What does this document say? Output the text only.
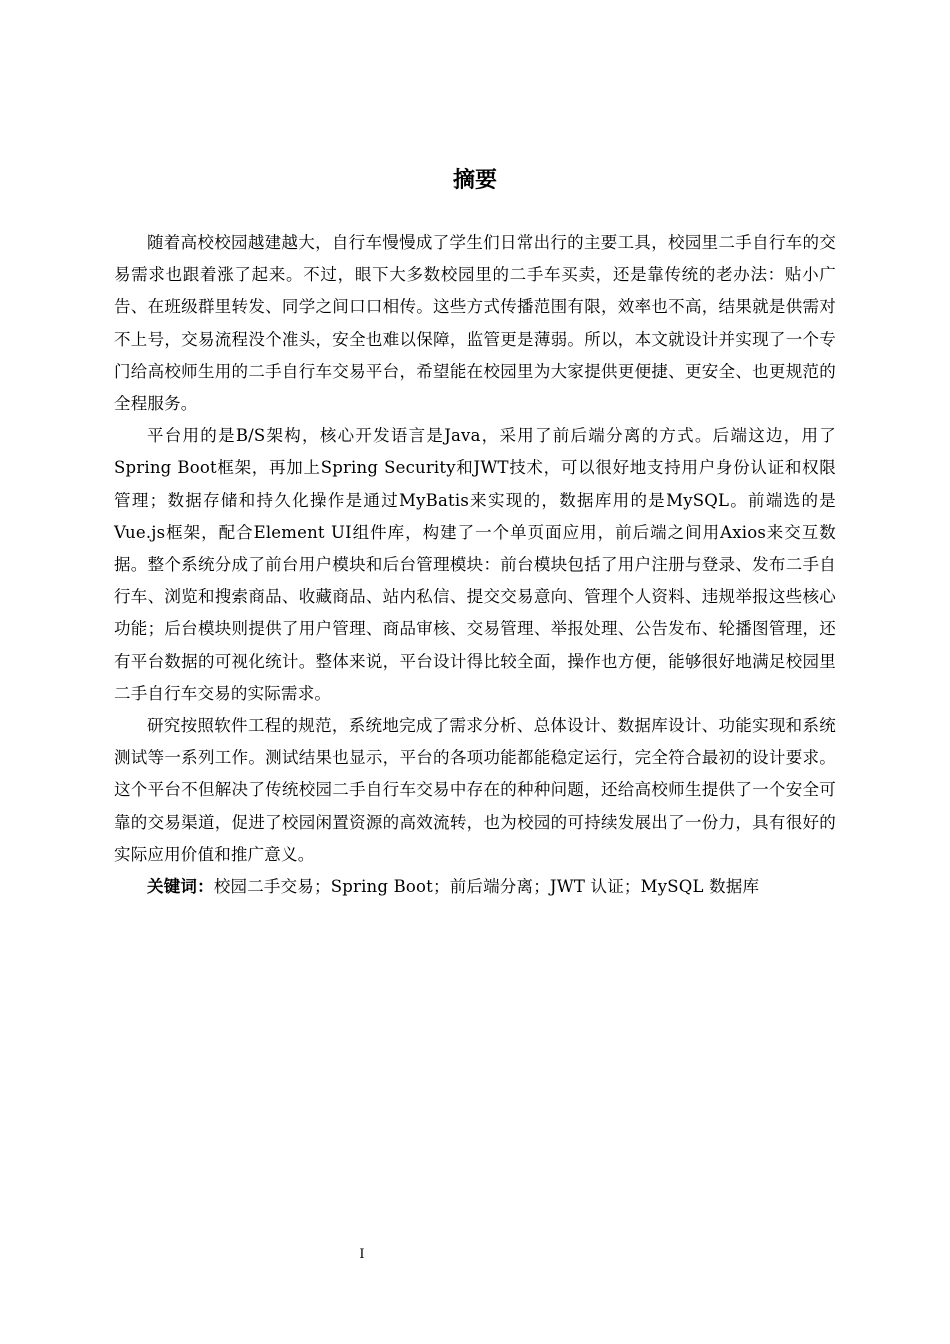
摘要

随着高校校园越建越大，自行车慢慢成了学生们日常出行的主要工具，校园里二手自行车的交易需求也跟着涨了起来。不过，眼下大多数校园里的二手车买卖，还是靠传统的老办法：贴小广告、在班级群里转发、同学之间口口相传。这些方式传播范围有限，效率也不高，结果就是供需对不上号，交易流程没个准头，安全也难以保障，监管更是薄弱。所以，本文就设计并实现了一个专门给高校师生用的二手自行车交易平台，希望能在校园里为大家提供更便捷、更安全、也更规范的全程服务。

平台用的是B/S架构，核心开发语言是Java，采用了前后端分离的方式。后端这边，用了Spring Boot框架，再加上Spring Security和JWT技术，可以很好地支持用户身份认证和权限管理；数据存储和持久化操作是通过MyBatis来实现的，数据库用的是MySQL。前端选的是Vue.js框架，配合Element UI组件库，构建了一个单页面应用，前后端之间用Axios来交互数据。整个系统分成了前台用户模块和后台管理模块：前台模块包括了用户注册与登录、发布二手自行车、浏览和搜索商品、收藏商品、站内私信、提交交易意向、管理个人资料、违规举报这些核心功能；后台模块则提供了用户管理、商品审核、交易管理、举报处理、公告发布、轮播图管理，还有平台数据的可视化统计。整体来说，平台设计得比较全面，操作也方便，能够很好地满足校园里二手自行车交易的实际需求。

研究按照软件工程的规范，系统地完成了需求分析、总体设计、数据库设计、功能实现和系统测试等一系列工作。测试结果也显示，平台的各项功能都能稳定运行，完全符合最初的设计要求。这个平台不但解决了传统校园二手自行车交易中存在的种种问题，还给高校师生提供了一个安全可靠的交易渠道，促进了校园闲置资源的高效流转，也为校园的可持续发展出了一份力，具有很好的实际应用价值和推广意义。

关键词：校园二手交易；Spring Boot；前后端分离；JWT 认证；MySQL 数据库

I
